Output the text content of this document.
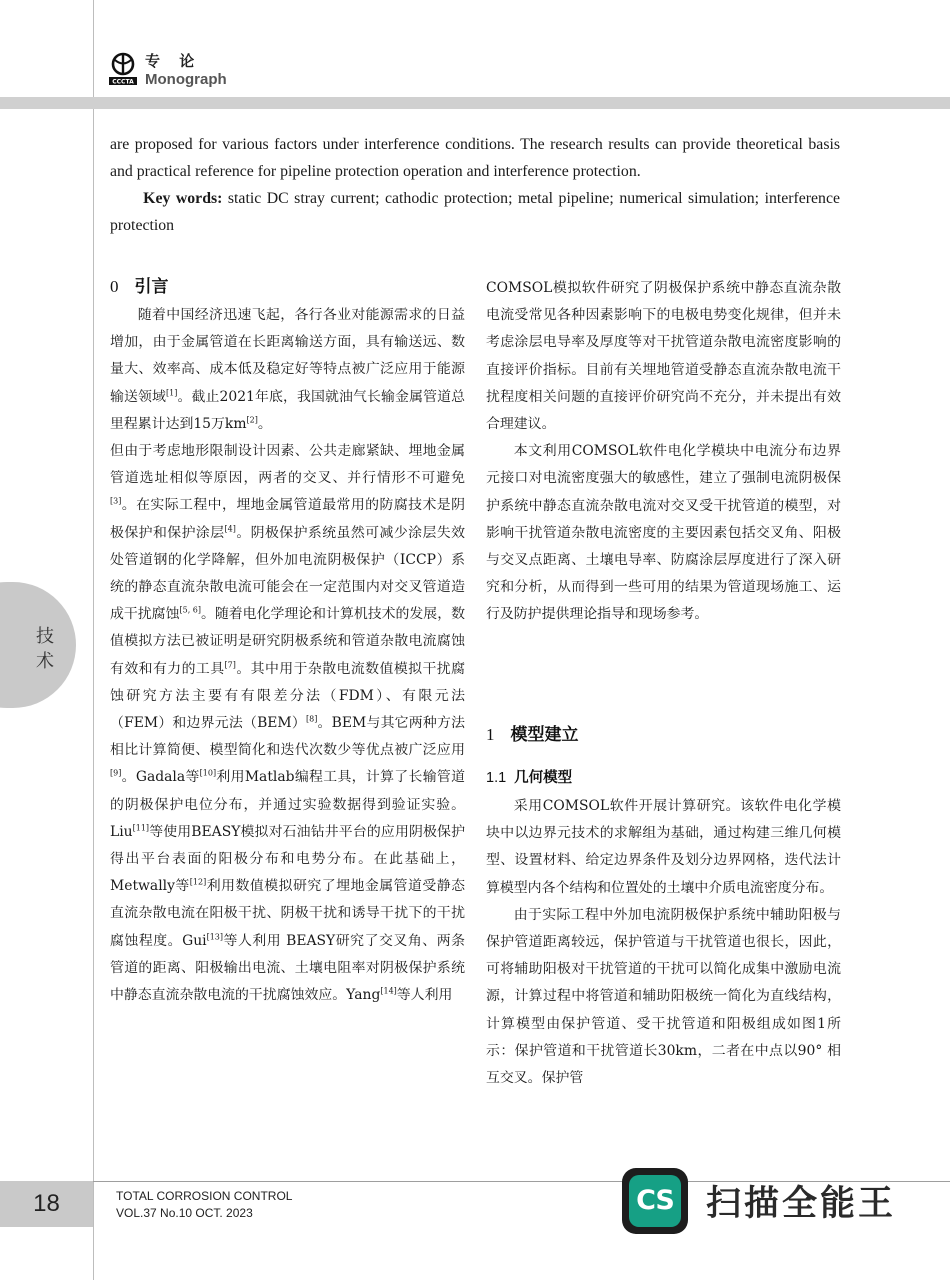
CCCTA
专 论
Monograph
are proposed for various factors under interference conditions. The research results can provide theoretical basis and practical reference for pipeline protection operation and interference protection.
Key words: static DC stray current; cathodic protection; metal pipeline; numerical simulation; interference protection
技术
0 引言

随着中国经济迅速飞起，各行各业对能源需求的日益增加，由于金属管道在长距离输送方面，具有输送远、数量大、效率高、成本低及稳定好等特点被广泛应用于能源输送领域[1]。截止2021年底，我国就油气长输金属管道总里程累计达到15万km[2]。

但由于考虑地形限制设计因素、公共走廊紧缺、埋地金属管道选址相似等原因，两者的交叉、并行情形不可避免[3]。在实际工程中，埋地金属管道最常用的防腐技术是阴极保护和保护涂层[4]。阴极保护系统虽然可减少涂层失效处管道钢的化学降解，但外加电流阴极保护（ICCP）系统的静态直流杂散电流可能会在一定范围内对交叉管道造成干扰腐蚀[5, 6]。随着电化学理论和计算机技术的发展，数值模拟方法已被证明是研究阴极系统和管道杂散电流腐蚀有效和有力的工具[7]。其中用于杂散电流数值模拟干扰腐蚀研究方法主要有有限差分法（FDM）、有限元法（FEM）和边界元法（BEM）[8]。BEM与其它两种方法相比计算简便、模型简化和迭代次数少等优点被广泛应用[9]。Gadala等[10]利用Matlab编程工具，计算了长输管道的阴极保护电位分布，并通过实验数据得到验证实验。Liu[11]等使用BEASY模拟对石油钻井平台的应用阴极保护得出平台表面的阳极分布和电势分布。在此基础上，Metwally等[12]利用数值模拟研究了埋地金属管道受静态直流杂散电流在阳极干扰、阴极干扰和诱导干扰下的干扰腐蚀程度。Gui[13]等人利用 BEASY研究了交叉角、两条管道的距离、阳极输出电流、土壤电阻率对阴极保护系统中静态直流杂散电流的干扰腐蚀效应。Yang[14]等人利用

COMSOL模拟软件研究了阴极保护系统中静态直流杂散电流受常见各种因素影响下的电极电势变化规律，但并未考虑涂层电导率及厚度等对干扰管道杂散电流密度影响的直接评价指标。目前有关埋地管道受静态直流杂散电流干扰程度相关问题的直接评价研究尚不充分，并未提出有效合理建议。

本文利用COMSOL软件电化学模块中电流分布边界元接口对电流密度强大的敏感性，建立了强制电流阴极保护系统中静态直流杂散电流对交叉受干扰管道的模型，对影响干扰管道杂散电流密度的主要因素包括交叉角、阳极与交叉点距离、土壤电导率、防腐涂层厚度进行了深入研究和分析，从而得到一些可用的结果为管道现场施工、运行及防护提供理论指导和现场参考。

1 模型建立
1.1 几何模型

采用COMSOL软件开展计算研究。该软件电化学模块中以边界元技术的求解组为基础，通过构建三维几何模型、设置材料、给定边界条件及划分边界网格，迭代法计算模型内各个结构和位置处的土壤中介质电流密度分布。

由于实际工程中外加电流阴极保护系统中辅助阳极与保护管道距离较远，保护管道与干扰管道也很长，因此，可将辅助阳极对干扰管道的干扰可以简化成集中激励电流源，计算过程中将管道和辅助阳极统一简化为直线结构，计算模型由保护管道、受干扰管道和阳极组成如图1所示：保护管道和干扰管道长30km，二者在中点以90° 相互交叉。保护管

18	TOTAL CORROSION CONTROL
VOL.37 No.10 OCT. 2023	CS 扫描全能王
